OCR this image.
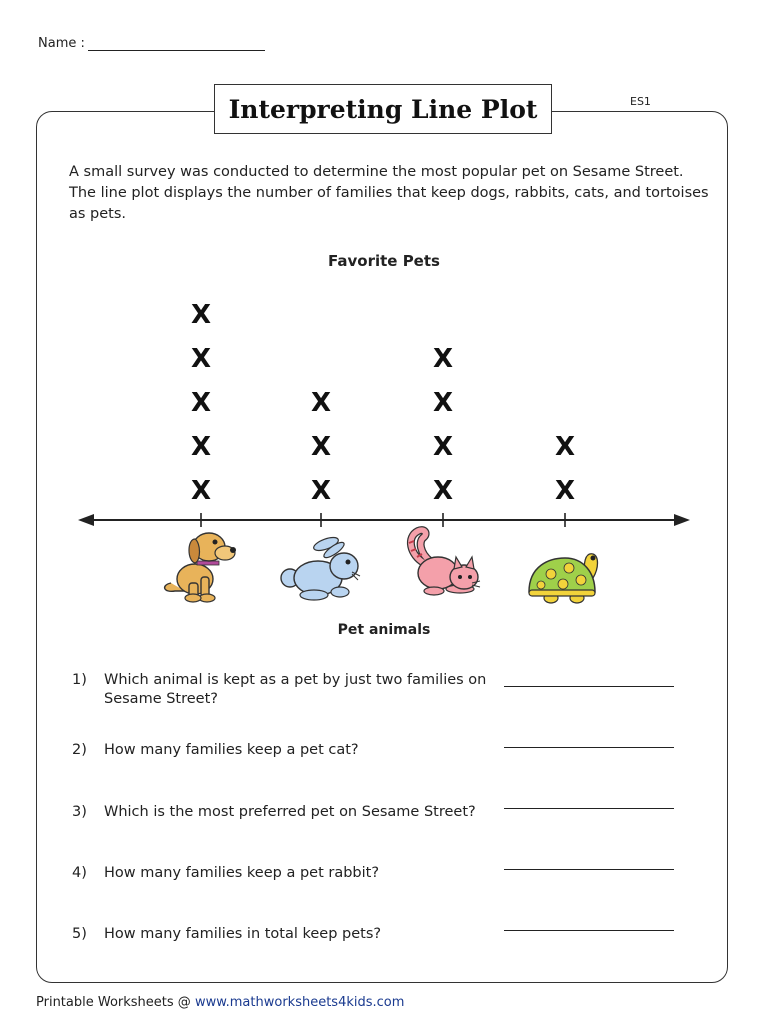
Name :
ES1
Interpreting Line Plot
A small survey was conducted to determine the most popular pet on Sesame Street.
The line plot displays the number of families that keep dogs, rabbits, cats, and tortoises
as pets.
Favorite Pets
X
X
X
X
X
X
X
X
X
X
X
X
X
X
Pet animals
1) Which animal is kept as a pet by just two families on Sesame Street?
2) How many families keep a pet cat?
3) Which is the most preferred pet on Sesame Street?
4) How many families keep a pet rabbit?
5) How many families in total keep pets?
Printable Worksheets @ www.mathworksheets4kids.com
